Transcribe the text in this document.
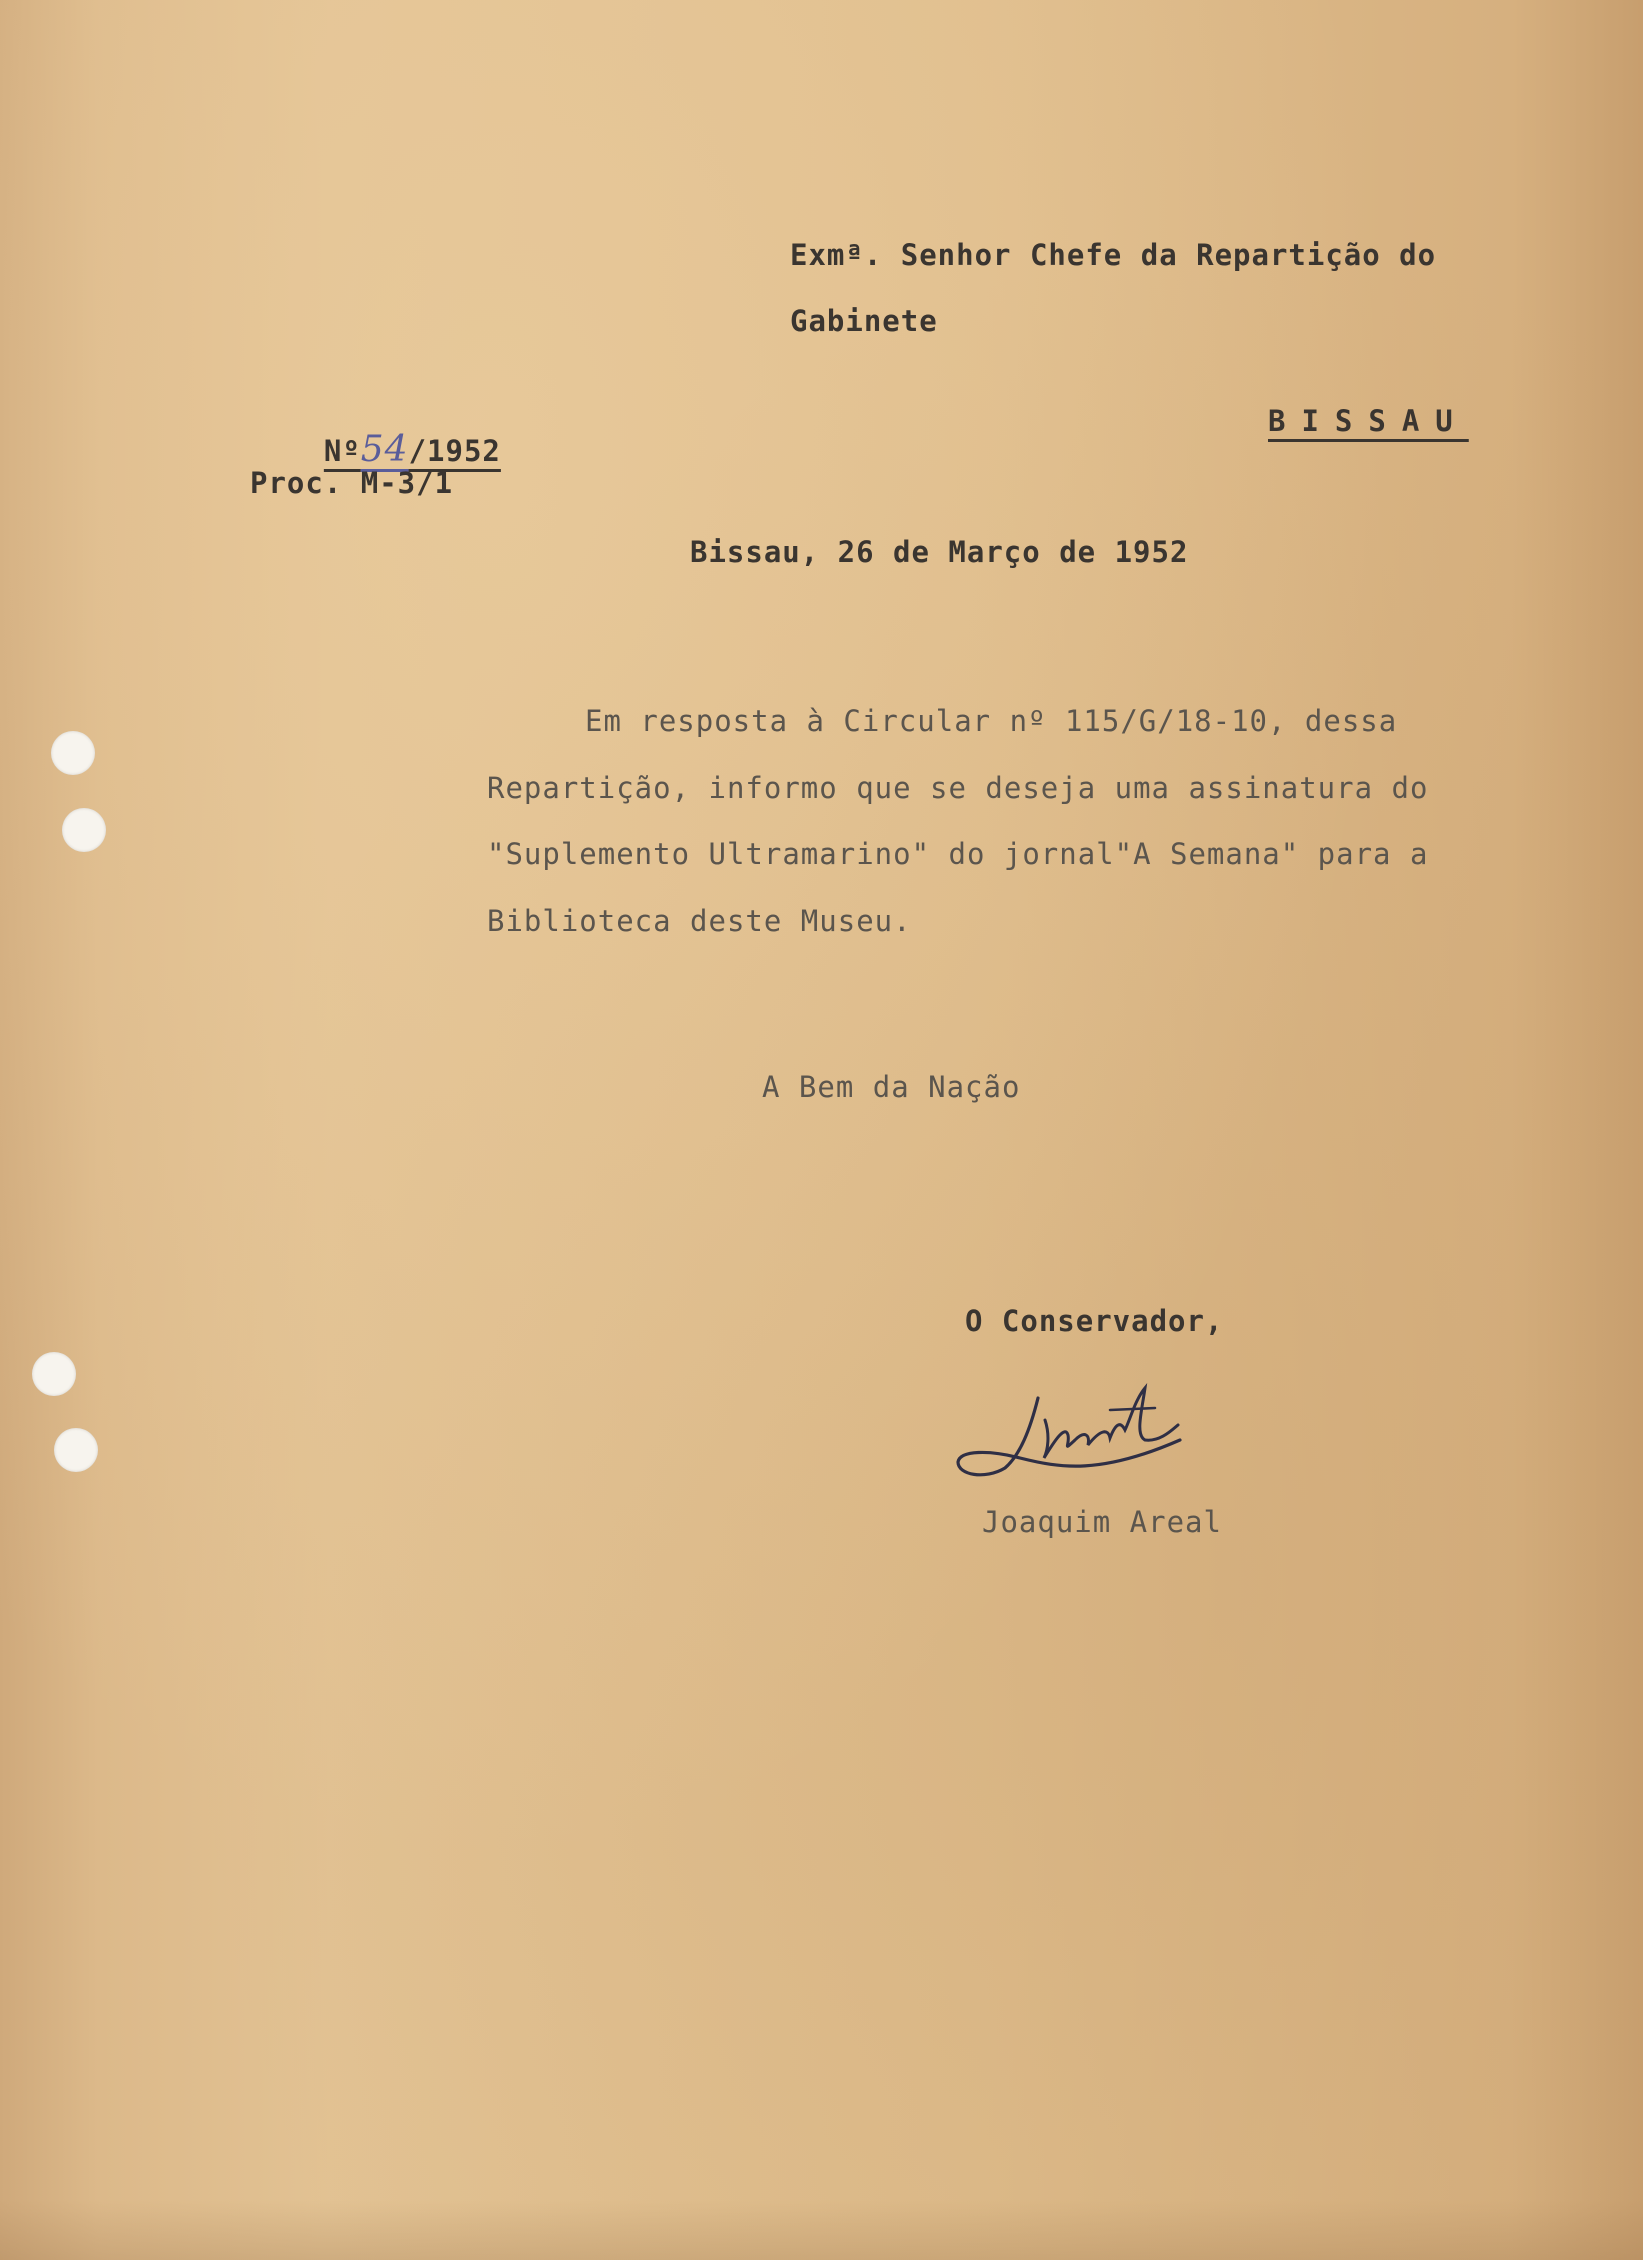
Exmª. Senhor Chefe da Repartição do
Gabinete

Nº54/1952

Proc. M-3/1
BISSAU
Bissau, 26 de Março de 1952
Em resposta à Circular nº 115/G/18-10, dessa
Repartição, informo que se deseja uma assinatura do
"Suplemento Ultramarino" do jornal"A Semana" para a
Biblioteca deste Museu.
A Bem da Nação
O Conservador,
Joaquim Areal
